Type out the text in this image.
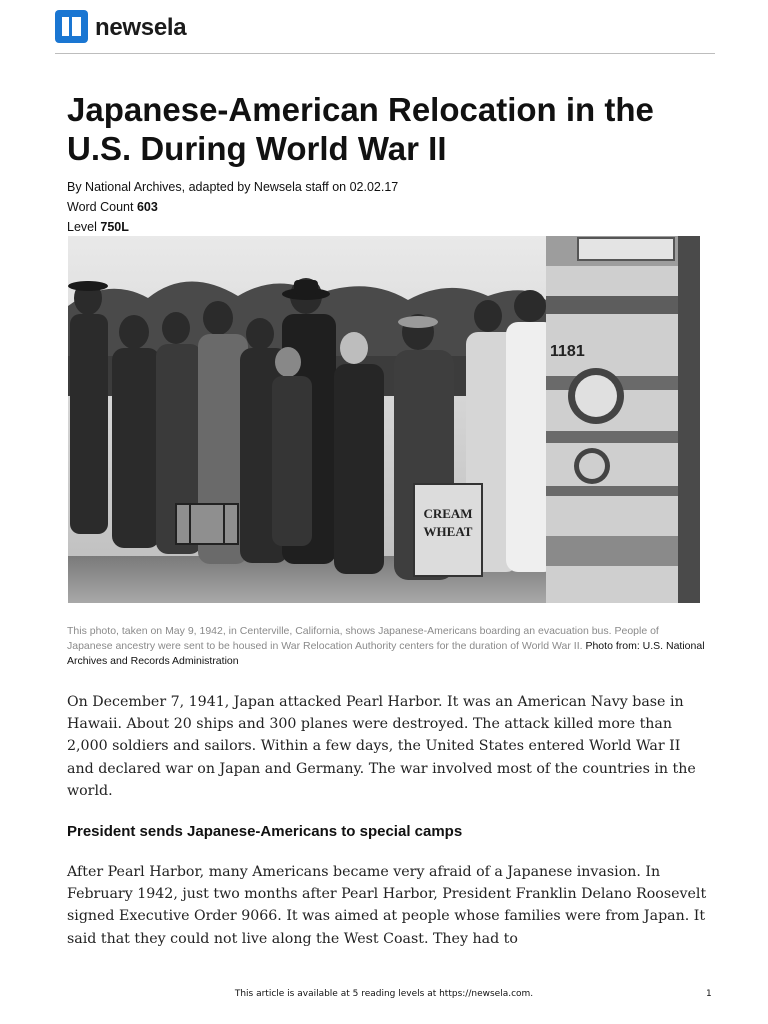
newsela
Japanese-American Relocation in the U.S. During World War II
By National Archives, adapted by Newsela staff on 02.02.17
Word Count 603
Level 750L
CREAM
WHEAT
1181
This photo, taken on May 9, 1942, in Centerville, California, shows Japanese-Americans boarding an evacuation bus. People of Japanese ancestry were sent to be housed in War Relocation Authority centers for the duration of World War II. Photo from: U.S. National Archives and Records Administration

On December 7, 1941, Japan attacked Pearl Harbor. It was an American Navy base in Hawaii. About 20 ships and 300 planes were destroyed. The attack killed more than 2,000 soldiers and sailors. Within a few days, the United States entered World War II and declared war on Japan and Germany. The war involved most of the countries in the world.

President sends Japanese-Americans to special camps

After Pearl Harbor, many Americans became very afraid of a Japanese invasion. In February 1942, just two months after Pearl Harbor, President Franklin Delano Roosevelt signed Executive Order 9066. It was aimed at people whose families were from Japan. It said that they could not live along the West Coast. They had to

This article is available at 5 reading levels at https://newsela.com.	1
